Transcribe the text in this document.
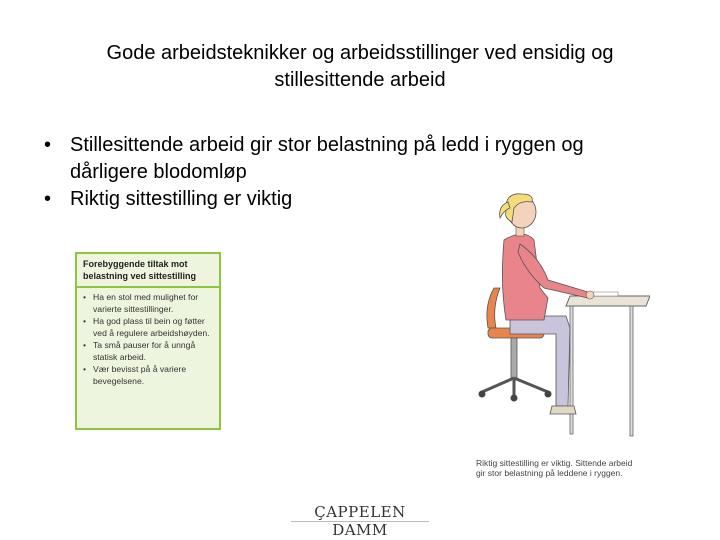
Gode arbeidsteknikker og arbeidsstillinger ved ensidig og
stillesittende arbeid
• Stillesittende arbeid gir stor belastning på ledd i ryggen og dårligere blodomløp
• Riktig sittestilling er viktig
Forebyggende tiltak mot
belastning ved sittestilling
• Ha en stol med mulighet for varierte sittestillinger.
• Ha god plass til bein og føtter ved å regulere arbeidshøyden.
• Ta små pauser for å unngå statisk arbeid.
• Vær bevisst på å variere bevegelsene.
Riktig sittestilling er viktig. Sittende arbeid
gir stor belastning på leddene i ryggen.
ÇAPPELEN DAMM
